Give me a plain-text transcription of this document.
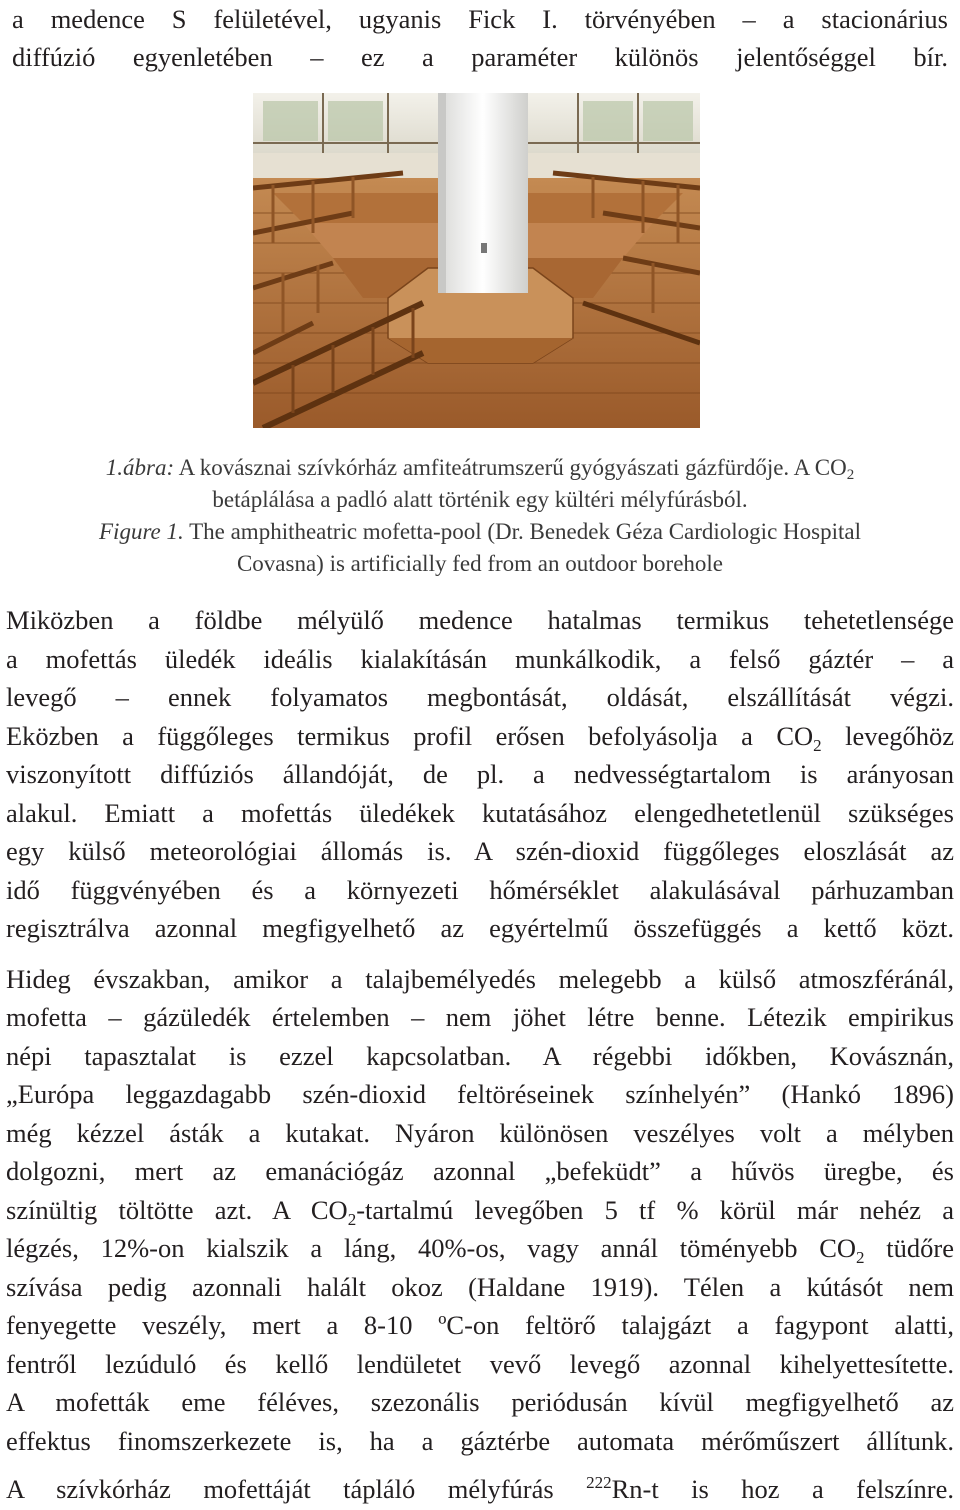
a medence S felületével, ugyanis Fick I. törvényében – a stacionárius
diffúzió egyenletében – ez a paraméter különös jelentőséggel bír.
1.ábra: A kovásznai szívkórház amfiteátrumszerű gyógyászati gázfürdője. A $CO_2$
betáplálása a padló alatt történik egy kültéri mélyfúrásból.
Figure 1. The amphitheatric mofetta-pool (Dr. Benedek Géza Cardiologic Hospital
Covasna) is artificially fed from an outdoor borehole
Miközben a földbe mélyülő medence hatalmas termikus tehetetlensége
a mofettás üledék ideális kialakításán munkálkodik, a felső gáztér – a
levegő – ennek folyamatos megbontását, oldását, elszállítását végzi.
Eközben a függőleges termikus profil erősen befolyásolja a $CO_2$ levegőhöz
viszonyított diffúziós állandóját, de pl. a nedvességtartalom is arányosan
alakul. Emiatt a mofettás üledékek kutatásához elengedhetetlenül szükséges
egy külső meteorológiai állomás is. A szén-dioxid függőleges eloszlását az
idő függvényében és a környezeti hőmérséklet alakulásával párhuzamban
regisztrálva azonnal megfigyelhető az egyértelmű összefüggés a kettő közt.
Hideg évszakban, amikor a talajbemélyedés melegebb a külső atmoszféránál,
mofetta – gázüledék értelemben – nem jöhet létre benne. Létezik empirikus
népi tapasztalat is ezzel kapcsolatban. A régebbi időkben, Kovásznán,
„Európa leggazdagabb szén-dioxid feltöréseinek színhelyén” (Hankó 1896)
még kézzel ásták a kutakat. Nyáron különösen veszélyes volt a mélyben
dolgozni, mert az emanációgáz azonnal „befeküdt” a hűvös üregbe, és
színültig töltötte azt. A $CO_2$-tartalmú levegőben 5 tf % körül már nehéz a
légzés, 12%-on kialszik a láng, 40%-os, vagy annál töményebb $CO_2$ tüdőre
szívása pedig azonnali halált okoz (Haldane 1919). Télen a kútásót nem
fenyegette veszély, mert a 8-10 ºC-on feltörő talajgázt a fagypont alatti,
fentről lezúduló és kellő lendületet vevő levegő azonnal kihelyettesítette.
A mofetták eme féléves, szezonális periódusán kívül megfigyelhető az
effektus finomszerkezete is, ha a gáztérbe automata mérőműszert állítunk.
A szívkórház mofettáját tápláló mélyfúrás $^{222}$Rn-t is hoz a felszínre.
